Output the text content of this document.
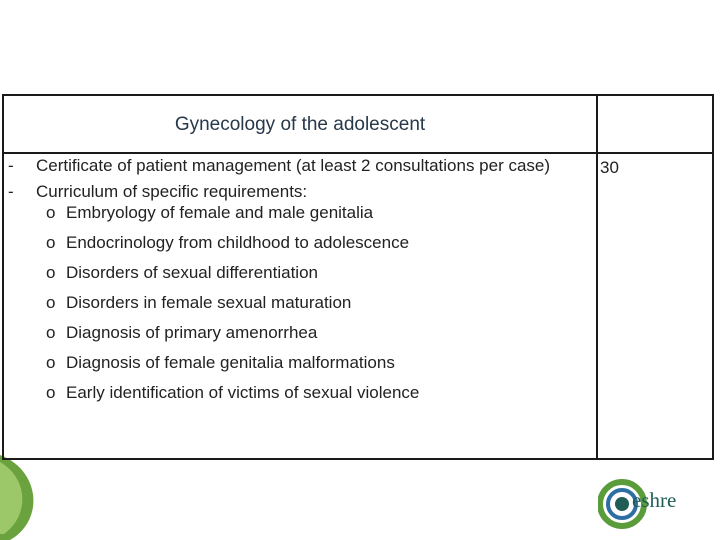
Gynecology of the adolescent
30
- Certificate of patient management (at least 2 consultations per case)
- Curriculum of specific requirements:
o Embryology of female and male genitalia
o Endocrinology from childhood to adolescence
o Disorders of sexual differentiation
o Disorders in female sexual maturation
o Diagnosis of primary amenorrhea
o Diagnosis of female genitalia malformations
o Early identification of victims of sexual violence
eshre
